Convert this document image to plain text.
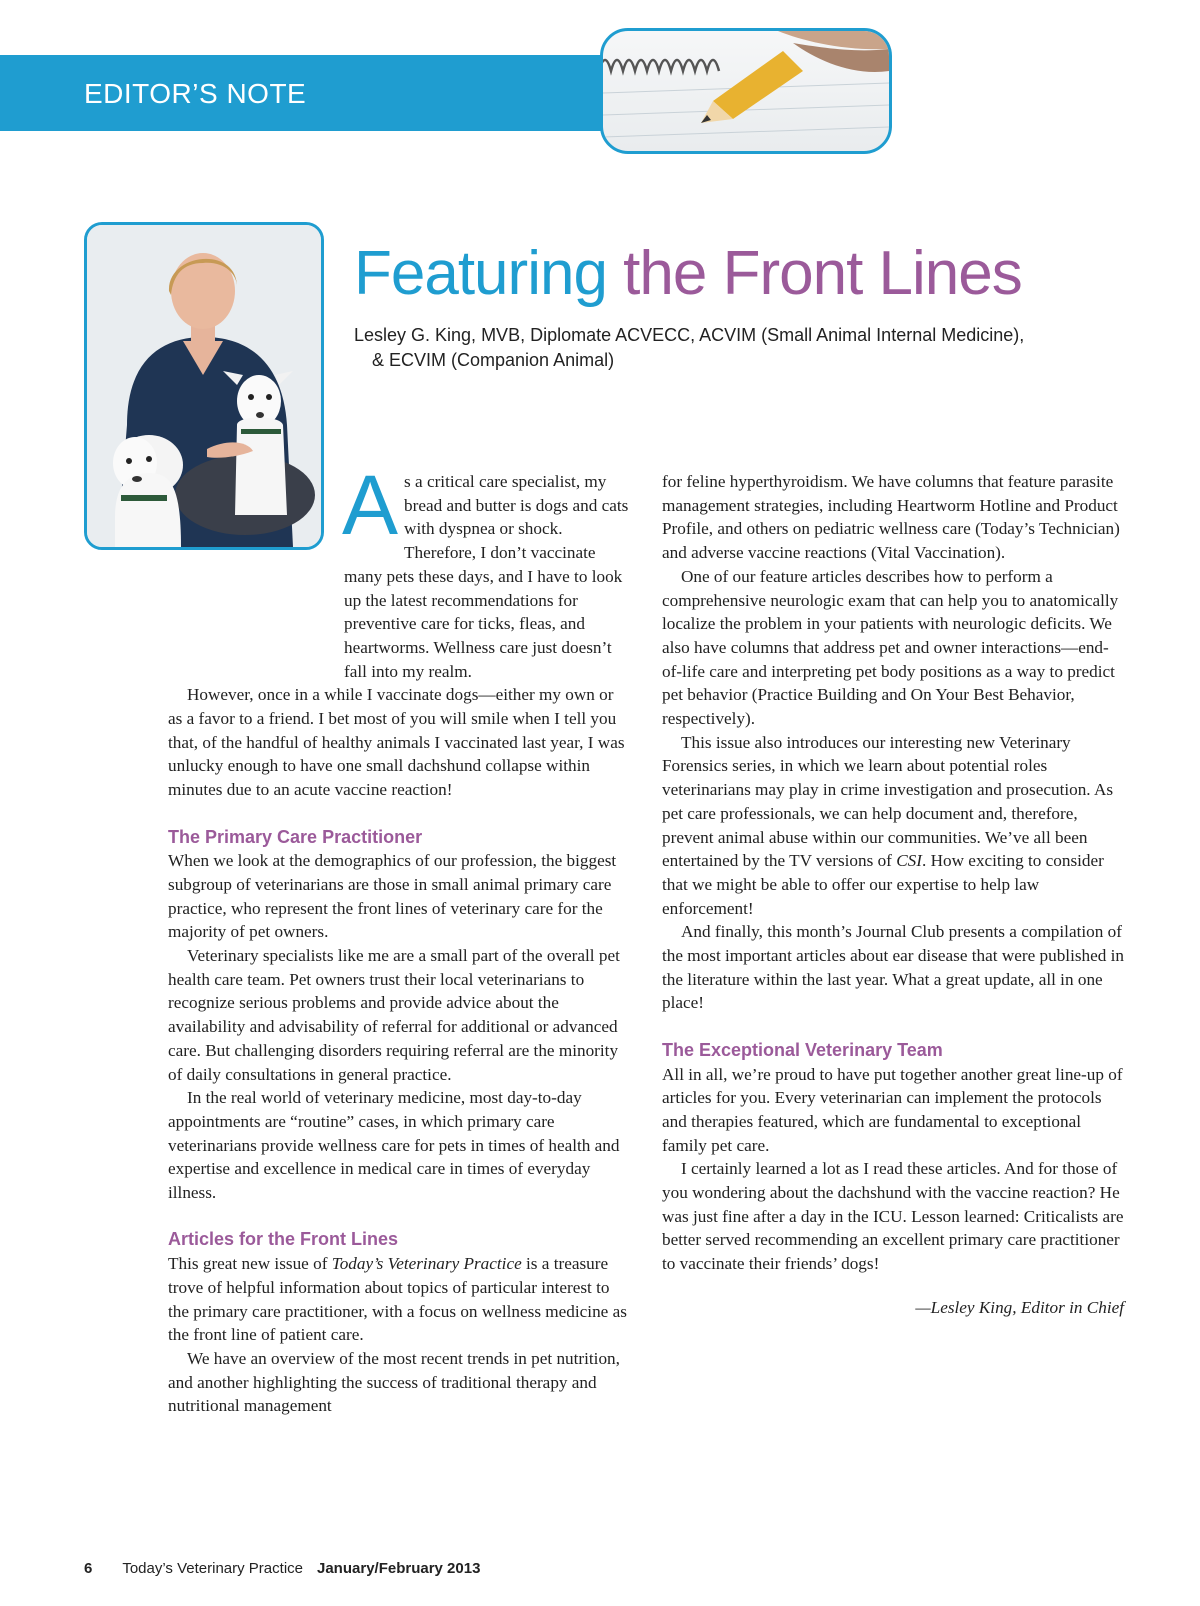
EDITOR’S NOTE
Featuring the Front Lines
Lesley G. King, MVB, Diplomate ACVECC, ACVIM (Small Animal Internal Medicine),
& ECVIM (Companion Animal)

As a critical care specialist, my bread and butter is dogs and cats with dyspnea or shock. Therefore, I don’t vaccinate many pets these days, and I have to look up the latest recommendations for preventive care for ticks, fleas, and heartworms. Wellness care just doesn’t fall into my realm.

However, once in a while I vaccinate dogs—either my own or as a favor to a friend. I bet most of you will smile when I tell you that, of the handful of healthy animals I vaccinated last year, I was unlucky enough to have one small dachshund collapse within minutes due to an acute vaccine reaction!

The Primary Care Practitioner

When we look at the demographics of our profession, the biggest subgroup of veterinarians are those in small animal primary care practice, who represent the front lines of veterinary care for the majority of pet owners.

Veterinary specialists like me are a small part of the overall pet health care team. Pet owners trust their local veterinarians to recognize serious problems and provide advice about the availability and advisability of referral for additional or advanced care. But challenging disorders requiring referral are the minority of daily consultations in general practice.

In the real world of veterinary medicine, most day-to-day appointments are “routine” cases, in which primary care veterinarians provide wellness care for pets in times of health and expertise and excellence in medical care in times of everyday illness.

Articles for the Front Lines

This great new issue of Today’s Veterinary Practice is a treasure trove of helpful information about topics of particular interest to the primary care practitioner, with a focus on wellness medicine as the front line of patient care.

We have an overview of the most recent trends in pet nutrition, and another highlighting the success of traditional therapy and nutritional management

for feline hyperthyroidism. We have columns that feature parasite management strategies, including Heartworm Hotline and Product Profile, and others on pediatric wellness care (Today’s Technician) and adverse vaccine reactions (Vital Vaccination).

One of our feature articles describes how to perform a comprehensive neurologic exam that can help you to anatomically localize the problem in your patients with neurologic deficits. We also have columns that address pet and owner interactions—end-of-life care and interpreting pet body positions as a way to predict pet behavior (Practice Building and On Your Best Behavior, respectively).

This issue also introduces our interesting new Veterinary Forensics series, in which we learn about potential roles veterinarians may play in crime investigation and prosecution. As pet care professionals, we can help document and, therefore, prevent animal abuse within our communities. We’ve all been entertained by the TV versions of CSI. How exciting to consider that we might be able to offer our expertise to help law enforcement!

And finally, this month’s Journal Club presents a compilation of the most important articles about ear disease that were published in the literature within the last year. What a great update, all in one place!

The Exceptional Veterinary Team

All in all, we’re proud to have put together another great line-up of articles for you. Every veterinarian can implement the protocols and therapies featured, which are fundamental to exceptional family pet care.

I certainly learned a lot as I read these articles. And for those of you wondering about the dachshund with the vaccine reaction? He was just fine after a day in the ICU. Lesson learned: Criticalists are better served recommending an excellent primary care practitioner to vaccinate their friends’ dogs!

—Lesley King, Editor in Chief

6 Today’s Veterinary Practice January/February 2013
